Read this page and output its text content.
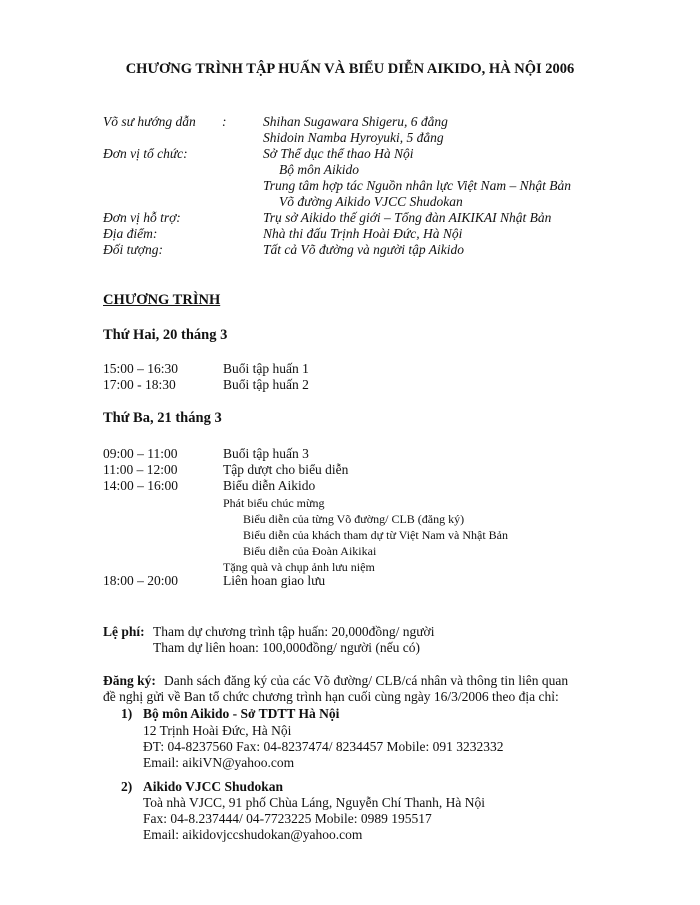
CHƯƠNG TRÌNH TẬP HUẤN VÀ BIỂU DIỄN AIKIDO, HÀ NỘI 2006
Võ sư hướng dẫn :	Shihan Sugawara Shigeru, 6 đẳng
Shidoin Namba Hyroyuki, 5 đẳng
Đơn vị tổ chức:	Sở Thể dục thể thao Hà Nội
Bộ môn Aikido
Trung tâm hợp tác Nguồn nhân lực Việt Nam – Nhật Bản
Võ đường Aikido VJCC Shudokan
Đơn vị hỗ trợ:	Trụ sở Aikido thế giới – Tổng đàn AIKIKAI Nhật Bản
Địa điểm:	Nhà thi đấu Trịnh Hoài Đức, Hà Nội
Đối tượng:	Tất cả Võ đường và người tập Aikido
CHƯƠNG TRÌNH
Thứ Hai, 20 tháng 3
15:00 – 16:30	Buổi tập huấn 1
17:00 - 18:30	Buổi tập huấn 2
Thứ Ba, 21 tháng 3
09:00 – 11:00	Buổi tập huấn 3
11:00 – 12:00	Tập dượt cho biểu diễn
14:00 – 16:00	Biểu diễn Aikido
Phát biểu chúc mừng
Biểu diễn của từng Võ đường/ CLB (đăng ký)
Biểu diễn của khách tham dự từ Việt Nam và Nhật Bản
Biểu diễn của Đoàn Aikikai
Tặng quà và chụp ảnh lưu niệm
18:00 – 20:00	Liên hoan giao lưu
Lệ phí: Tham dự chương trình tập huấn: 20,000đồng/ người
Tham dự liên hoan: 100,000đồng/ người (nếu có)
Đăng ký: Danh sách đăng ký của các Võ đường/ CLB/cá nhân và thông tin liên quan
đề nghị gửi về Ban tổ chức chương trình hạn cuối cùng ngày 16/3/2006 theo địa chỉ:
1) Bộ môn Aikido - Sở TDTT Hà Nội
12 Trịnh Hoài Đức, Hà Nội
ĐT: 04-8237560 Fax: 04-8237474/ 8234457 Mobile: 091 3232332
Email: aikiVN@yahoo.com
2) Aikido VJCC Shudokan
Toà nhà VJCC, 91 phố Chùa Láng, Nguyễn Chí Thanh, Hà Nội
Fax: 04-8.237444/ 04-7723225 Mobile: 0989 195517
Email: aikidovjccshudokan@yahoo.com
